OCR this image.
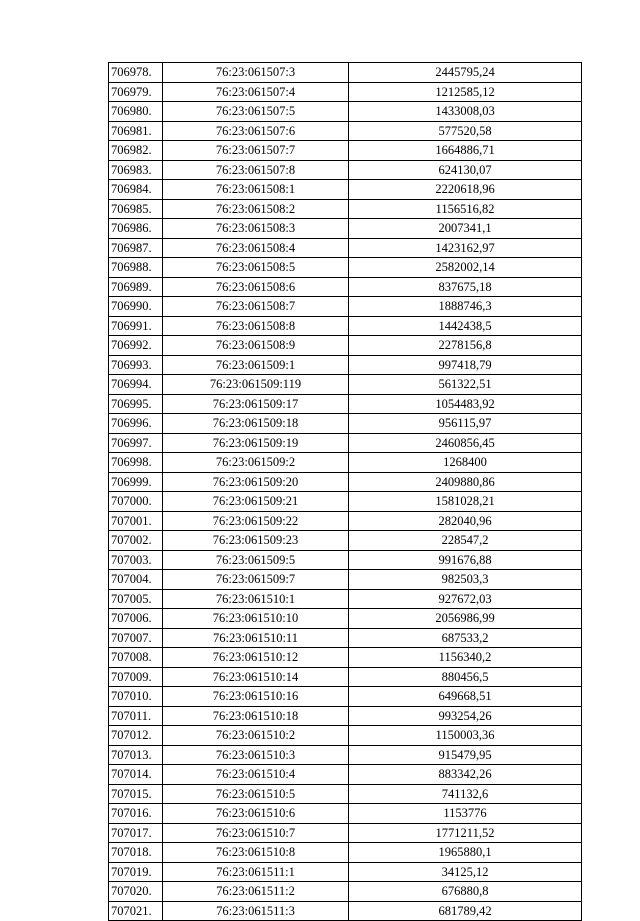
706978.	76:23:061507:3	2445795,24
706979.	76:23:061507:4	1212585,12
706980.	76:23:061507:5	1433008,03
706981.	76:23:061507:6	577520,58
706982.	76:23:061507:7	1664886,71
706983.	76:23:061507:8	624130,07
706984.	76:23:061508:1	2220618,96
706985.	76:23:061508:2	1156516,82
706986.	76:23:061508:3	2007341,1
706987.	76:23:061508:4	1423162,97
706988.	76:23:061508:5	2582002,14
706989.	76:23:061508:6	837675,18
706990.	76:23:061508:7	1888746,3
706991.	76:23:061508:8	1442438,5
706992.	76:23:061508:9	2278156,8
706993.	76:23:061509:1	997418,79
706994.	76:23:061509:119	561322,51
706995.	76:23:061509:17	1054483,92
706996.	76:23:061509:18	956115,97
706997.	76:23:061509:19	2460856,45
706998.	76:23:061509:2	1268400
706999.	76:23:061509:20	2409880,86
707000.	76:23:061509:21	1581028,21
707001.	76:23:061509:22	282040,96
707002.	76:23:061509:23	228547,2
707003.	76:23:061509:5	991676,88
707004.	76:23:061509:7	982503,3
707005.	76:23:061510:1	927672,03
707006.	76:23:061510:10	2056986,99
707007.	76:23:061510:11	687533,2
707008.	76:23:061510:12	1156340,2
707009.	76:23:061510:14	880456,5
707010.	76:23:061510:16	649668,51
707011.	76:23:061510:18	993254,26
707012.	76:23:061510:2	1150003,36
707013.	76:23:061510:3	915479,95
707014.	76:23:061510:4	883342,26
707015.	76:23:061510:5	741132,6
707016.	76:23:061510:6	1153776
707017.	76:23:061510:7	1771211,52
707018.	76:23:061510:8	1965880,1
707019.	76:23:061511:1	34125,12
707020.	76:23:061511:2	676880,8
707021.	76:23:061511:3	681789,42
